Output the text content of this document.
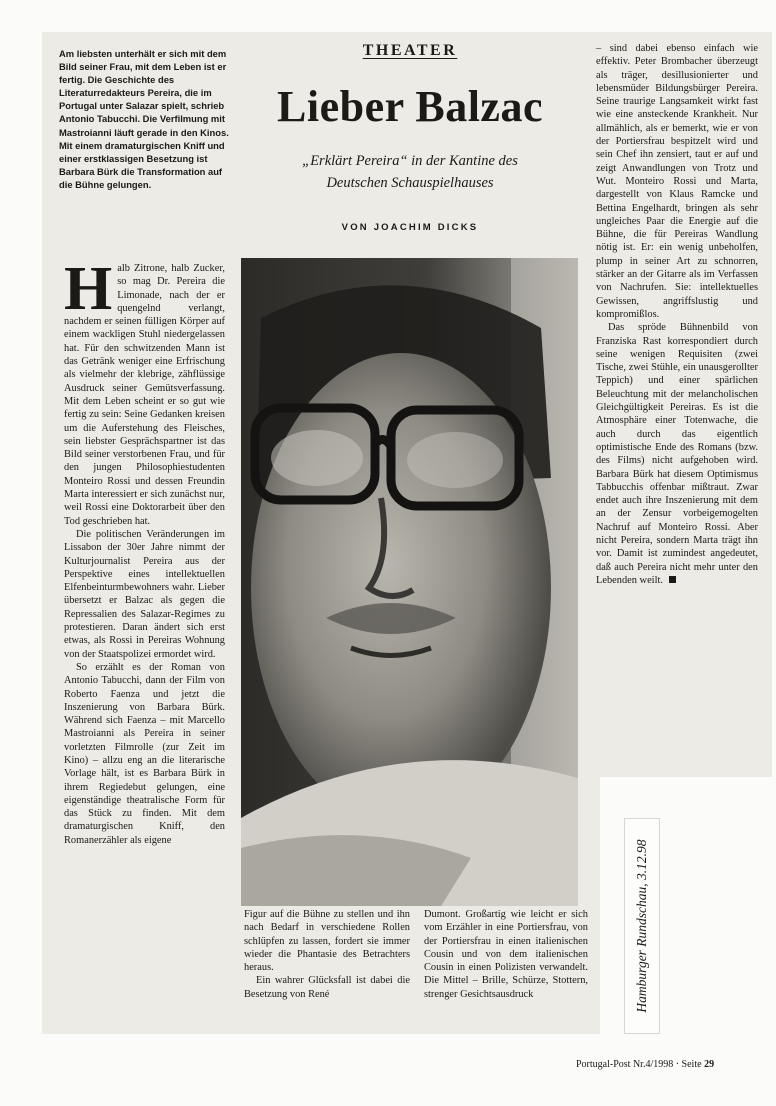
Am liebsten unterhält er sich mit dem Bild seiner Frau, mit dem Leben ist er fertig. Die Geschichte des Literaturredakteurs Pereira, die im Portugal unter Salazar spielt, schrieb Antonio Tabucchi. Die Verfilmung mit Mastroianni läuft gerade in den Kinos. Mit einem dramaturgischen Kniff und einer erstklassigen Besetzung ist Barbara Bürk die Transformation auf die Bühne gelungen.
THEATER
Lieber Balzac
„Erklärt Pereira“ in der Kantine des
Deutschen Schauspielhauses
VON JOACHIM DICKS

Halb Zitrone, halb Zucker, so mag Dr. Pereira die Limonade, nach der er quengelnd verlangt, nachdem er seinen fülligen Körper auf einem wackligen Stuhl niedergelassen hat. Für den schwitzenden Mann ist das Getränk weniger eine Erfrischung als vielmehr der klebrige, zähflüssige Ausdruck seiner Gemütsverfassung. Mit dem Leben scheint er so gut wie fertig zu sein: Seine Gedanken kreisen um die Auferstehung des Fleisches, sein liebster Gesprächspartner ist das Bild seiner verstorbenen Frau, und für den jungen Philosophiestudenten Monteiro Rossi und dessen Freundin Marta interessiert er sich zunächst nur, weil Rossi eine Doktorarbeit über den Tod geschrieben hat.

Die politischen Veränderungen im Lissabon der 30er Jahre nimmt der Kulturjournalist Pereira aus der Perspektive eines intellektuellen Elfenbeinturmbewohners wahr. Lieber übersetzt er Balzac als gegen die Repressalien des Salazar-Regimes zu protestieren. Daran ändert sich erst etwas, als Rossi in Pereiras Wohnung von der Staatspolizei ermordet wird.

So erzählt es der Roman von Antonio Tabucchi, dann der Film von Roberto Faenza und jetzt die Inszenierung von Barbara Bürk. Während sich Faenza – mit Marcello Mastroianni als Pereira in seiner vorletzten Filmrolle (zur Zeit im Kino) – allzu eng an die literarische Vorlage hält, ist es Barbara Bürk in ihrem Regiedebut gelungen, eine eigenständige theatralische Form für das Stück zu finden. Mit dem dramaturgischen Kniff, den Romanerzähler als eigene

Figur auf die Bühne zu stellen und ihn nach Bedarf in verschiedene Rollen schlüpfen zu lassen, fordert sie immer wieder die Phantasie des Betrachters heraus.

Ein wahrer Glücksfall ist dabei die Besetzung von René

Dumont. Großartig wie leicht er sich vom Erzähler in eine Portiersfrau, von der Portiersfrau in einen italienischen Cousin und von dem italienischen Cousin in einen Polizisten verwandelt. Die Mittel – Brille, Schürze, Stottern, strenger Gesichtsausdruck

– sind dabei ebenso einfach wie effektiv. Peter Brombacher überzeugt als träger, desillusionierter und lebensmüder Bildungsbürger Pereira. Seine traurige Langsamkeit wirkt fast wie eine ansteckende Krankheit. Nur allmählich, als er bemerkt, wie er von der Portiersfrau bespitzelt wird und sein Chef ihn zensiert, taut er auf und zeigt Anwandlungen von Trotz und Wut. Monteiro Rossi und Marta, dargestellt von Klaus Ramcke und Bettina Engelhardt, bringen als sehr ungleiches Paar die Energie auf die Bühne, die für Pereiras Wandlung nötig ist. Er: ein wenig unbeholfen, plump in seiner Art zu schnorren, stärker an der Gitarre als im Verfassen von Nachrufen. Sie: intellektuelles Gewissen, angriffslustig und kompromißlos.

Das spröde Bühnenbild von Franziska Rast korrespondiert durch seine wenigen Requisiten (zwei Tische, zwei Stühle, ein unausgerollter Teppich) und einer spärlichen Beleuchtung mit der melancholischen Gleichgültigkeit Pereiras. Es ist die Atmosphäre einer Totenwache, die auch durch das eigentlich optimistische Ende des Romans (bzw. des Films) nicht aufgehoben wird. Barbara Bürk hat diesem Optimismus Tabbucchis offenbar mißtraut. Zwar endet auch ihre Inszenierung mit dem an der Zensur vorbeigemogelten Nachruf auf Monteiro Rossi. Aber nicht Pereira, sondern Marta trägt ihn vor. Damit ist zumindest angedeutet, daß auch Pereira nicht mehr unter den Lebenden weilt.

Hamburger Rundschau, 3.12.98
Portugal-Post Nr.4/1998 · Seite 29
